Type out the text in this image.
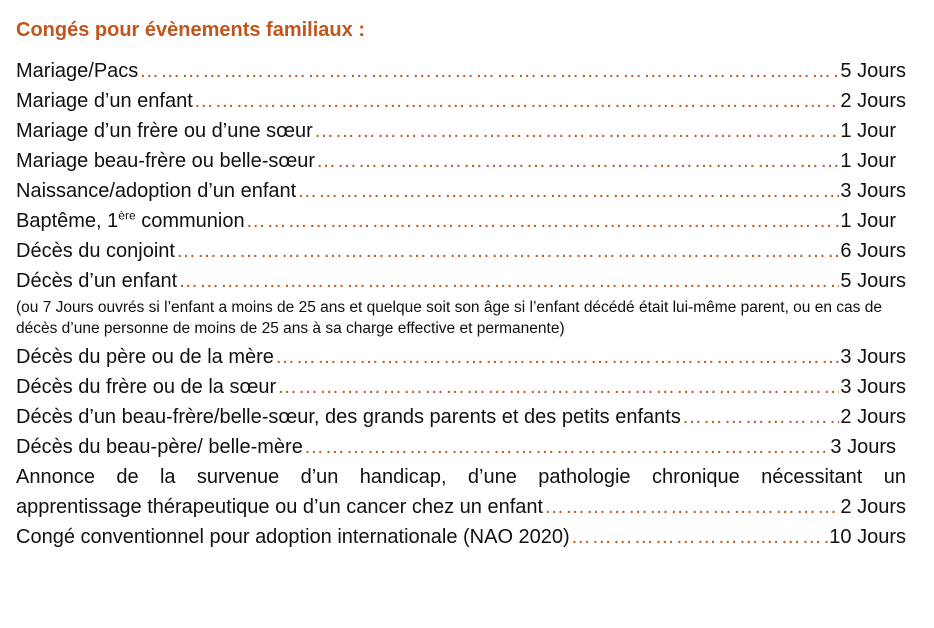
Congés pour évènements familiaux :
Mariage/Pacs ………………………………………………………………………………………………………………………………………………………………………………………………………	5 Jours
Mariage d’un enfant ………………………………………………………………………………………………………………………………………………………………………………………………………	2 Jours
Mariage d’un frère ou d’une sœur ………………………………………………………………………………………………………………………………………………………………………………………………………	1 Jour
Mariage beau-frère ou belle-sœur ………………………………………………………………………………………………………………………………………………………………………………………………………	1 Jour
Naissance/adoption d’un enfant ………………………………………………………………………………………………………………………………………………………………………………………………………	3 Jours
Baptême, 1ère communion ………………………………………………………………………………………………………………………………………………………………………………………………………	1 Jour
Décès du conjoint ………………………………………………………………………………………………………………………………………………………………………………………………………	6 Jours
Décès d’un enfant ………………………………………………………………………………………………………………………………………………………………………………………………………	5 Jours
(ou 7 Jours ouvrés si l’enfant a moins de 25 ans et quelque soit son âge si l’enfant décédé était lui-même parent, ou en cas de décès d’une personne de moins de 25 ans à sa charge effective et permanente)
Décès du père ou de la mère ………………………………………………………………………………………………………………………………………………………………………………………………………	3 Jours
Décès du frère ou de la sœur ………………………………………………………………………………………………………………………………………………………………………………………………………	3 Jours
Décès d’un beau-frère/belle-sœur, des grands parents et des petits enfants ………………………………………………………………………………………………………………………………………………………………………………………………………	2 Jours
Décès du beau-père/ belle-mère ………………………………………………………………………………………………………………………………………………………………………………………………………	3 Jours
Annonce de la survenue d’un handicap, d’une pathologie chronique nécessitant un
apprentissage thérapeutique ou d’un cancer chez un enfant ………………………………………………………………………………………………………………………………………………………………………………………………………	2 Jours
Congé conventionnel pour adoption internationale (NAO 2020) ………………………………………………………………………………………………………………………………………………………………………………………………………	10 Jours
